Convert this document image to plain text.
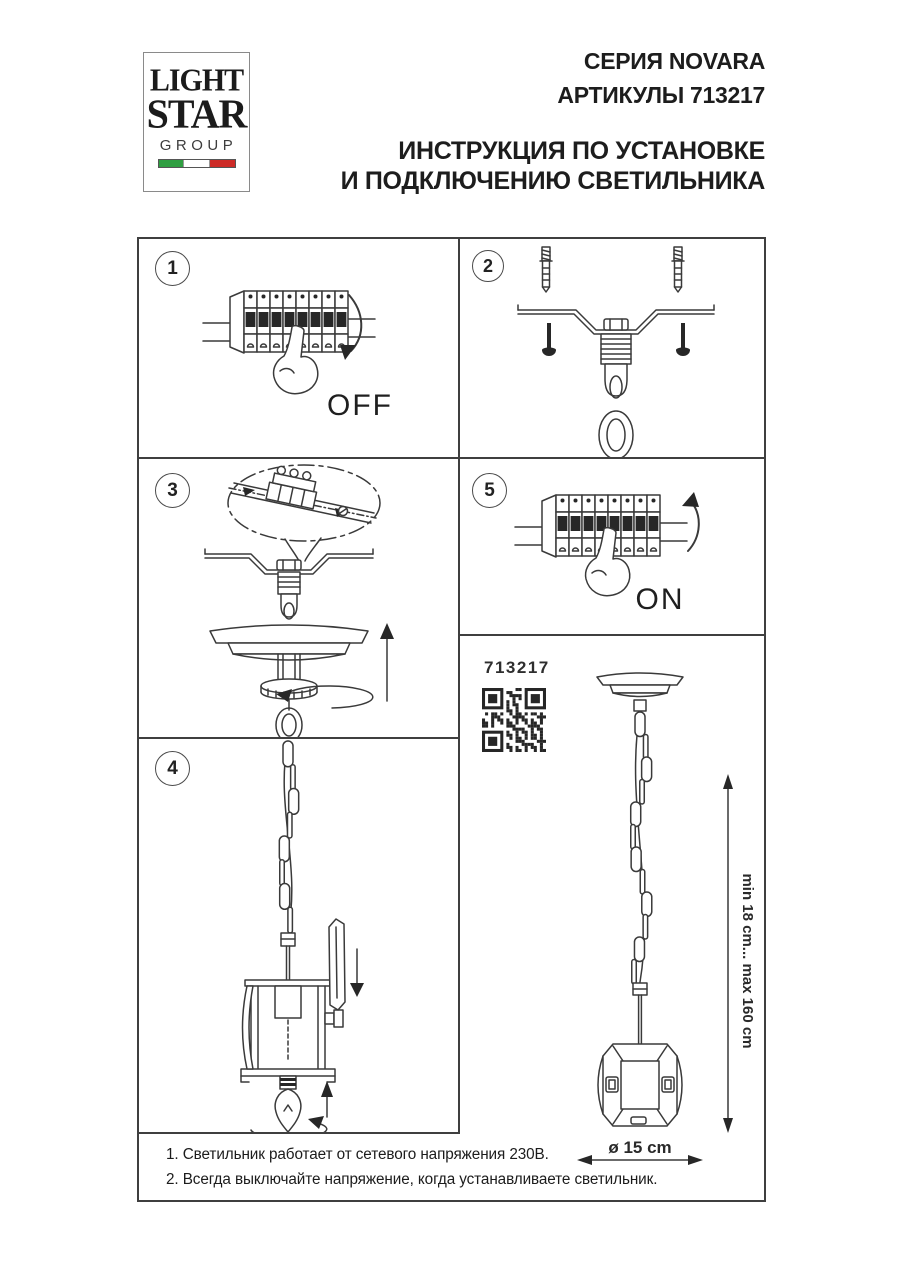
LIGHT
STAR
GROUP
СЕРИЯ NOVARA
АРТИКУЛЫ 713217
ИНСТРУКЦИЯ ПО УСТАНОВКЕ
И ПОДКЛЮЧЕНИЮ СВЕТИЛЬНИКА
1
OFF
2
3	5
ON
4
713217
min 18 cm... max 160 cm
ø 15 cm
1. Светильник работает от сетевого напряжения 230В.
2. Всегда выключайте напряжение, когда устанавливаете светильник.
